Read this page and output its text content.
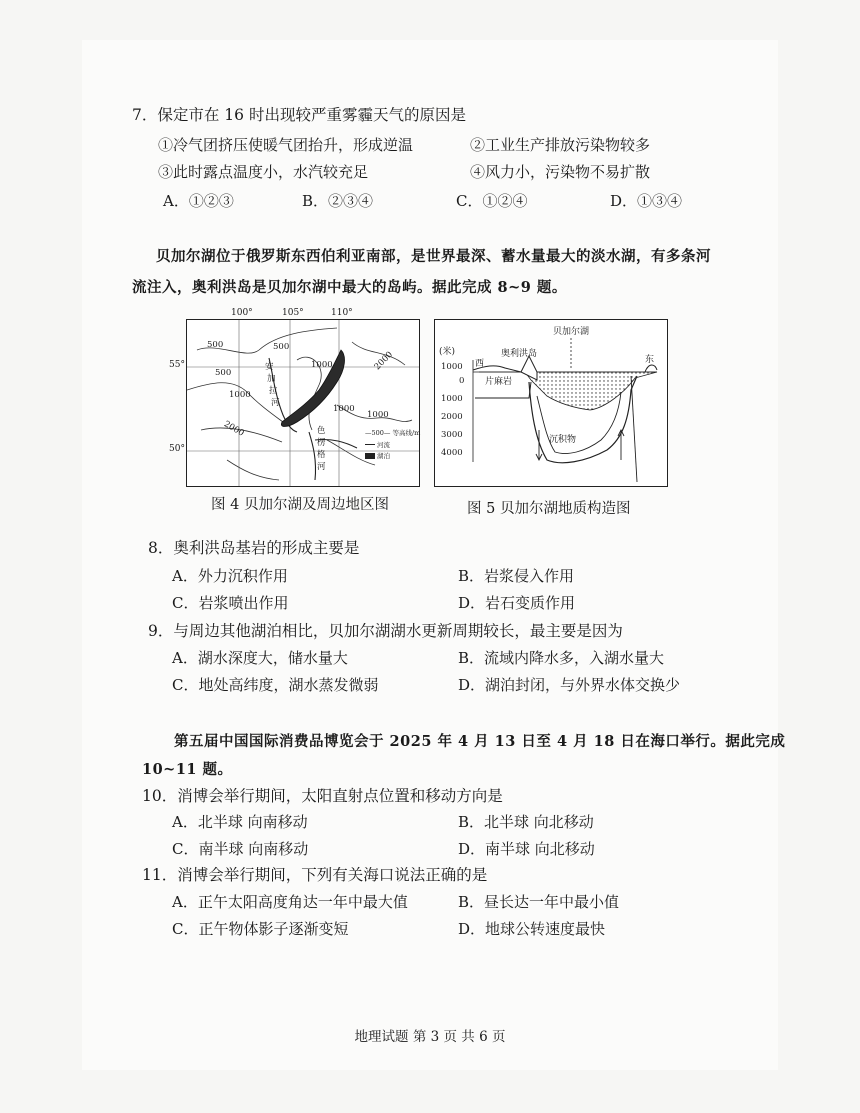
7．保定市在 16 时出现较严重雾霾天气的原因是
①冷气团挤压使暖气团抬升，形成逆温	②工业生产排放污染物较多
③此时露点温度小，水汽较充足	④风力小，污染物不易扩散
A．①②③	B．②③④	C．①②④	D．①③④
贝加尔湖位于俄罗斯东西伯利亚南部，是世界最深、蓄水量最大的淡水湖，有多条河
流注入，奥利洪岛是贝加尔湖中最大的岛屿。据此完成 8~9 题。
100°	105°	110°
55°
50°
500
500
500
1000
1000
1000
1000
2000
2000
安
加
拉
河
色
楞
格
河
—500— 等高线/m
河流
湖泊
图 4 贝加尔湖及周边地区图
(米)
西	东
贝加尔湖
奥利洪岛
片麻岩
沉积物
1000
0
1000
2000
3000
4000
图 5 贝加尔湖地质构造图
8．奥利洪岛基岩的形成主要是
A．外力沉积作用	B．岩浆侵入作用
C．岩浆喷出作用	D．岩石变质作用
9．与周边其他湖泊相比，贝加尔湖湖水更新周期较长，最主要是因为
A．湖水深度大，储水量大	B．流域内降水多，入湖水量大
C．地处高纬度，湖水蒸发微弱	D．湖泊封闭，与外界水体交换少
第五届中国国际消费品博览会于 2025 年 4 月 13 日至 4 月 18 日在海口举行。据此完成
10~11 题。
10．消博会举行期间，太阳直射点位置和移动方向是
A．北半球 向南移动	B．北半球 向北移动
C．南半球 向南移动	D．南半球 向北移动
11．消博会举行期间，下列有关海口说法正确的是
A．正午太阳高度角达一年中最大值	B．昼长达一年中最小值
C．正午物体影子逐渐变短	D．地球公转速度最快
地理试题 第 3 页 共 6 页
